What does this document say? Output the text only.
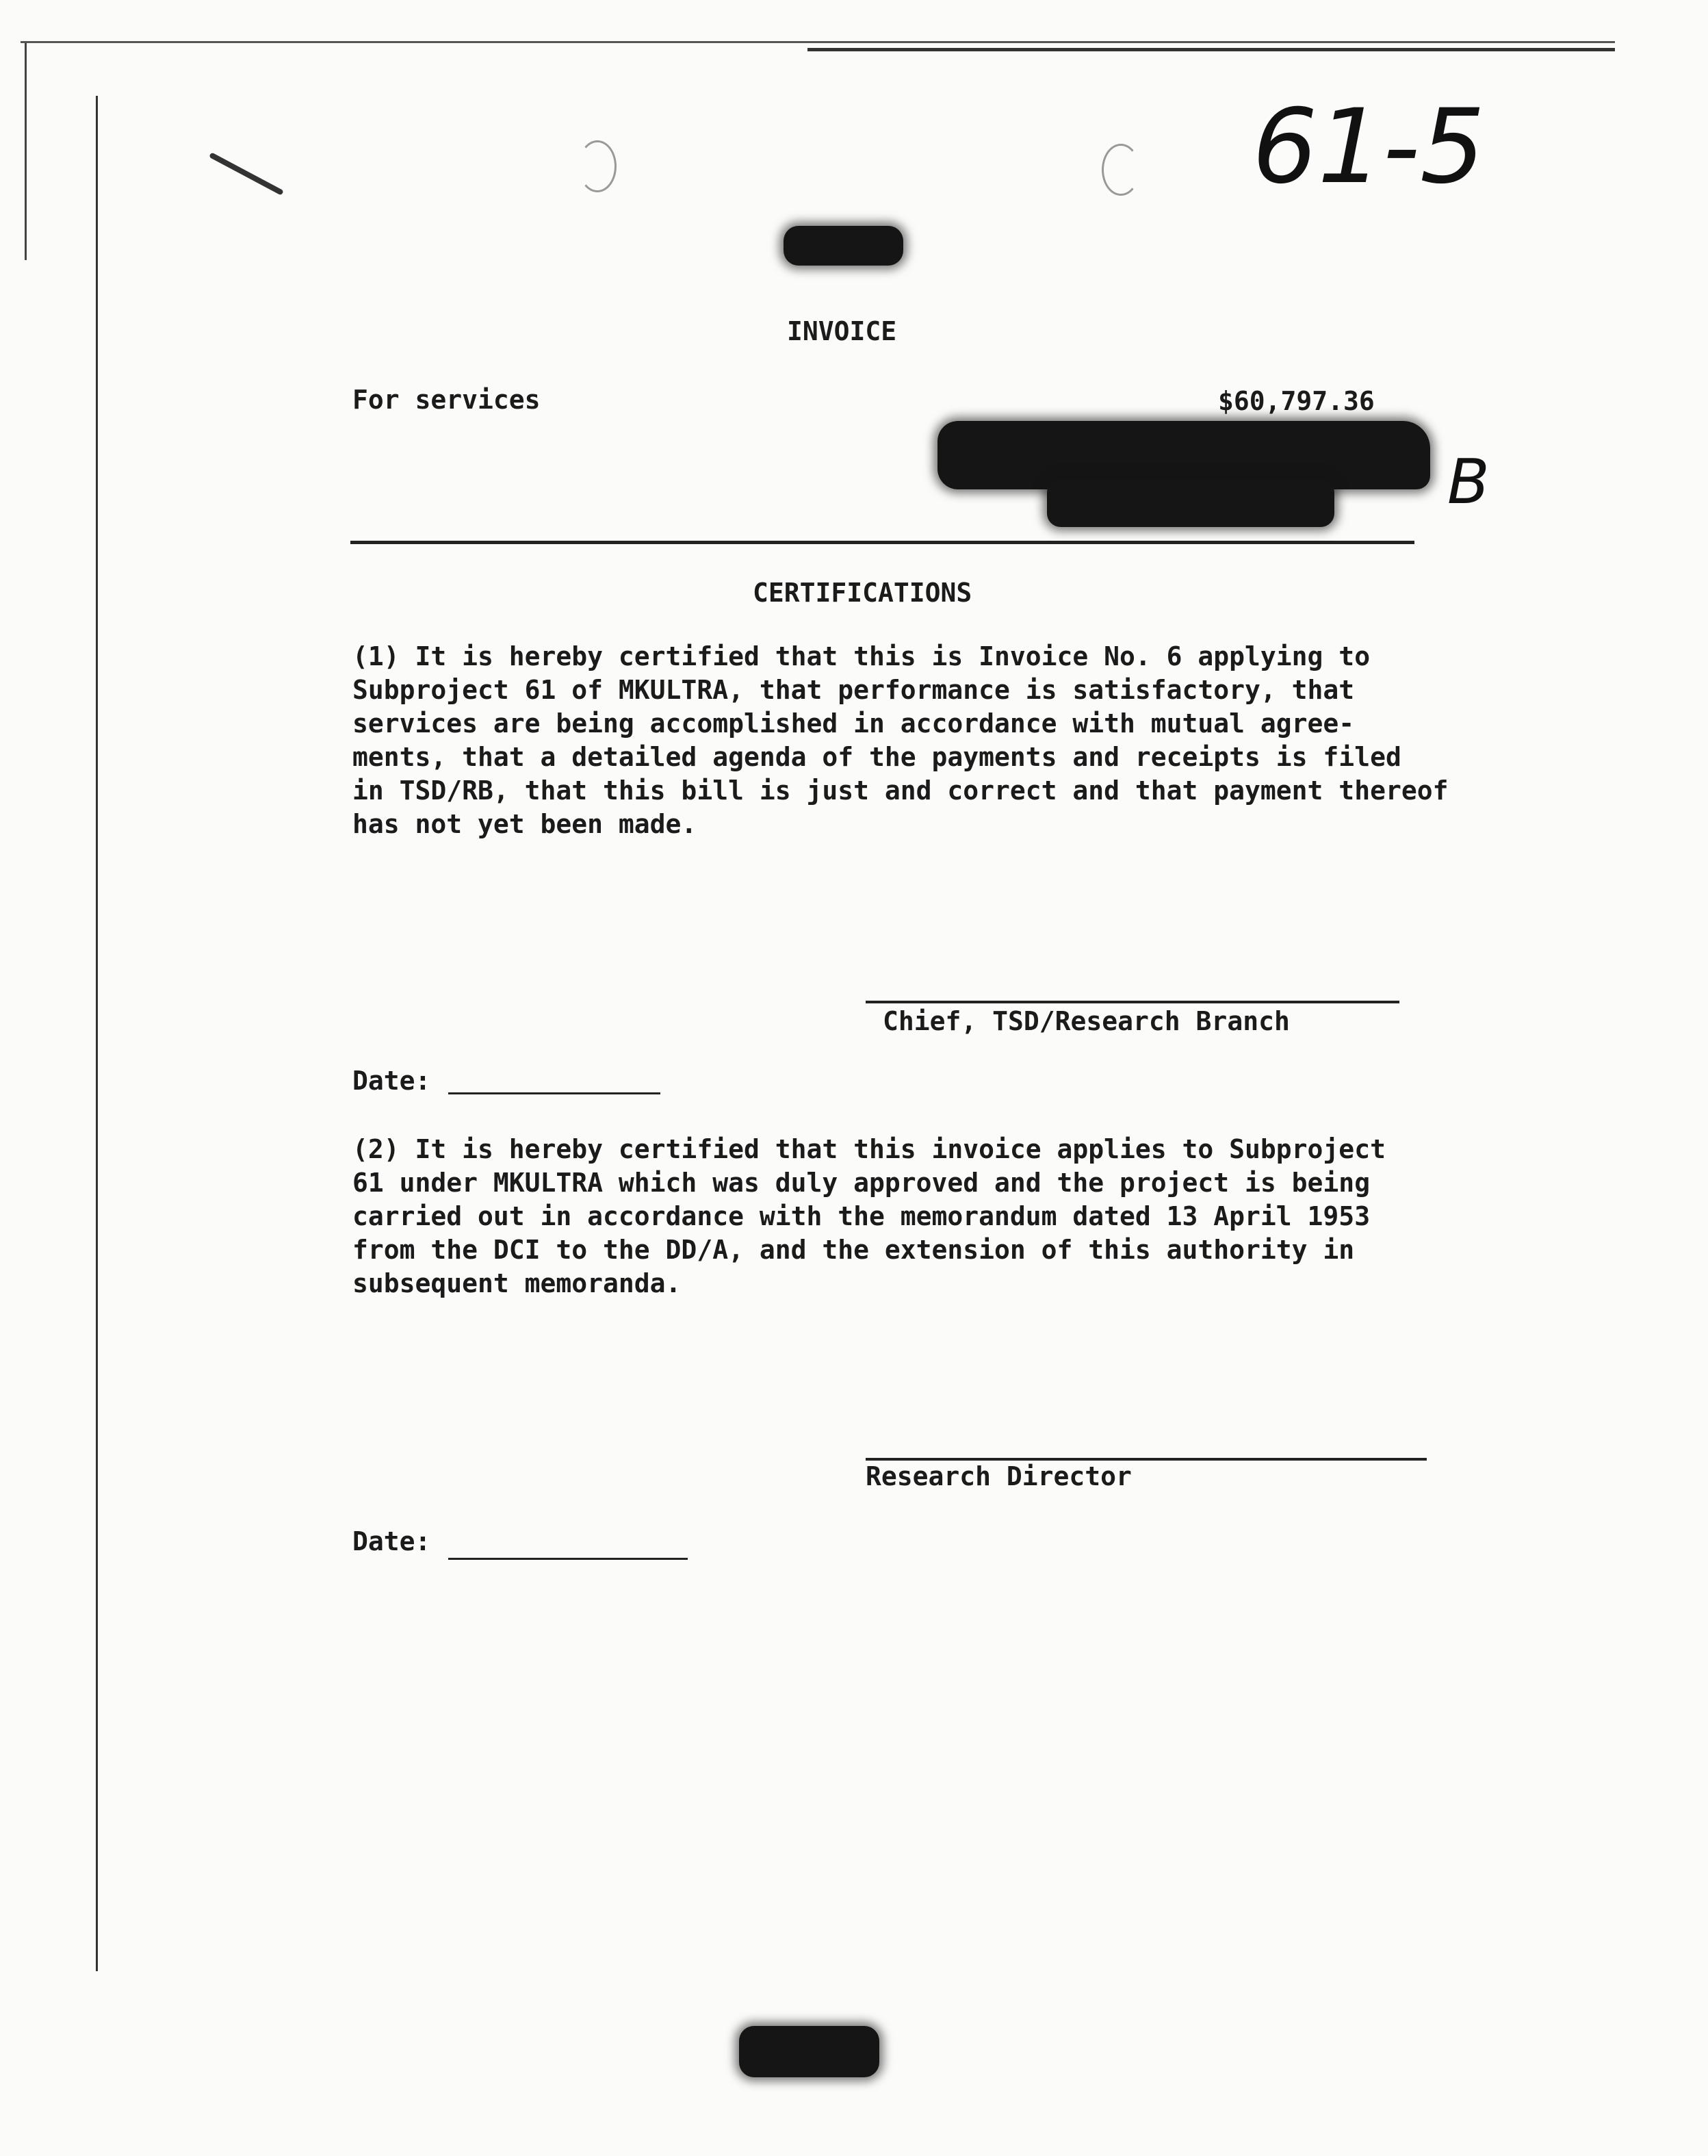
61-5
INVOICE
For services	$60,797.36
B
CERTIFICATIONS
(1) It is hereby certified that this is Invoice No. 6 applying to
Subproject 61 of MKULTRA, that performance is satisfactory, that
services are being accomplished in accordance with mutual agree-
ments, that a detailed agenda of the payments and receipts is filed
in TSD/RB, that this bill is just and correct and that payment thereof
has not yet been made.
Chief, TSD/Research Branch
Date:
(2) It is hereby certified that this invoice applies to Subproject
61 under MKULTRA which was duly approved and the project is being
carried out in accordance with the memorandum dated 13 April 1953
from the DCI to the DD/A, and the extension of this authority in
subsequent memoranda.
Research Director
Date:
